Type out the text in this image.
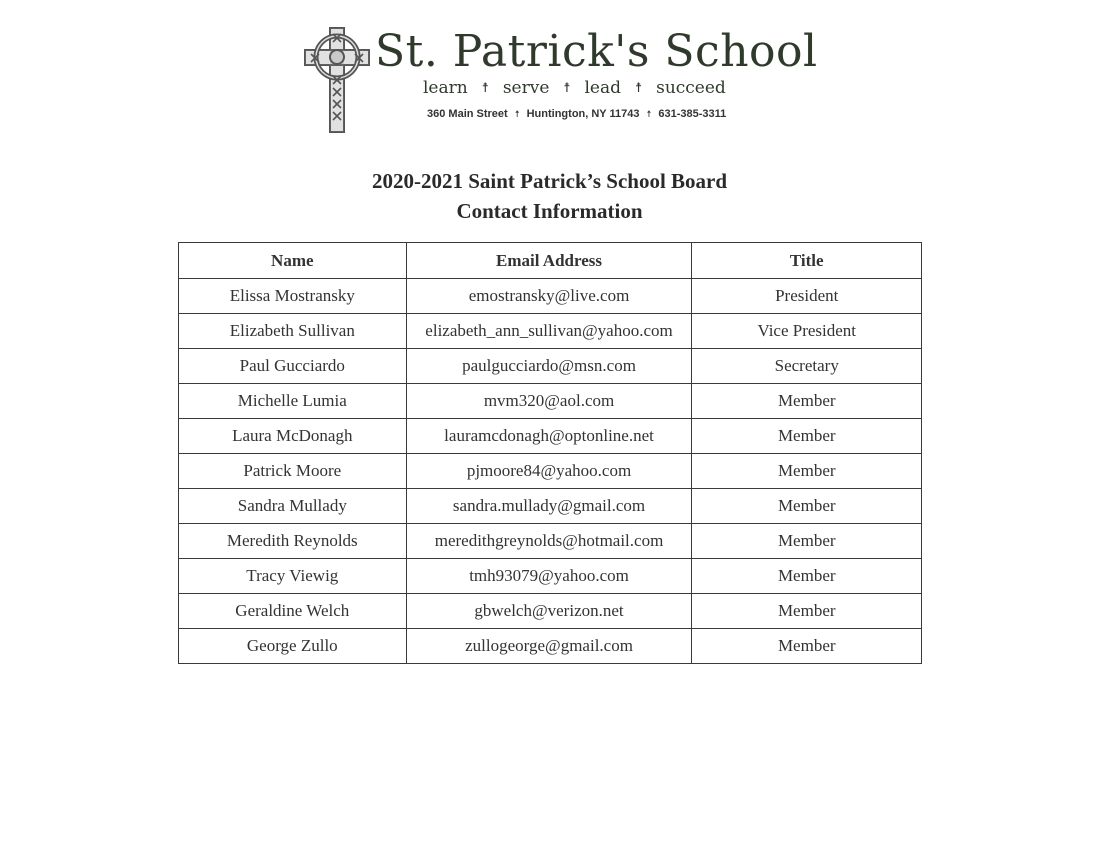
St. Patrick's School
learn ☨ serve ☨ lead ☨ succeed
360 Main Street ☨ Huntington, NY 11743 ☨ 631-385-3311
2020-2021 Saint Patrick’s School Board
Contact Information
Name	Email Address	Title
Elissa Mostransky	emostransky@live.com	President
Elizabeth Sullivan	elizabeth_ann_sullivan@yahoo.com	Vice President
Paul Gucciardo	paulgucciardo@msn.com	Secretary
Michelle Lumia	mvm320@aol.com	Member
Laura McDonagh	lauramcdonagh@optonline.net	Member
Patrick Moore	pjmoore84@yahoo.com	Member
Sandra Mullady	sandra.mullady@gmail.com	Member
Meredith Reynolds	meredithgreynolds@hotmail.com	Member
Tracy Viewig	tmh93079@yahoo.com	Member
Geraldine Welch	gbwelch@verizon.net	Member
George Zullo	zullogeorge@gmail.com	Member
